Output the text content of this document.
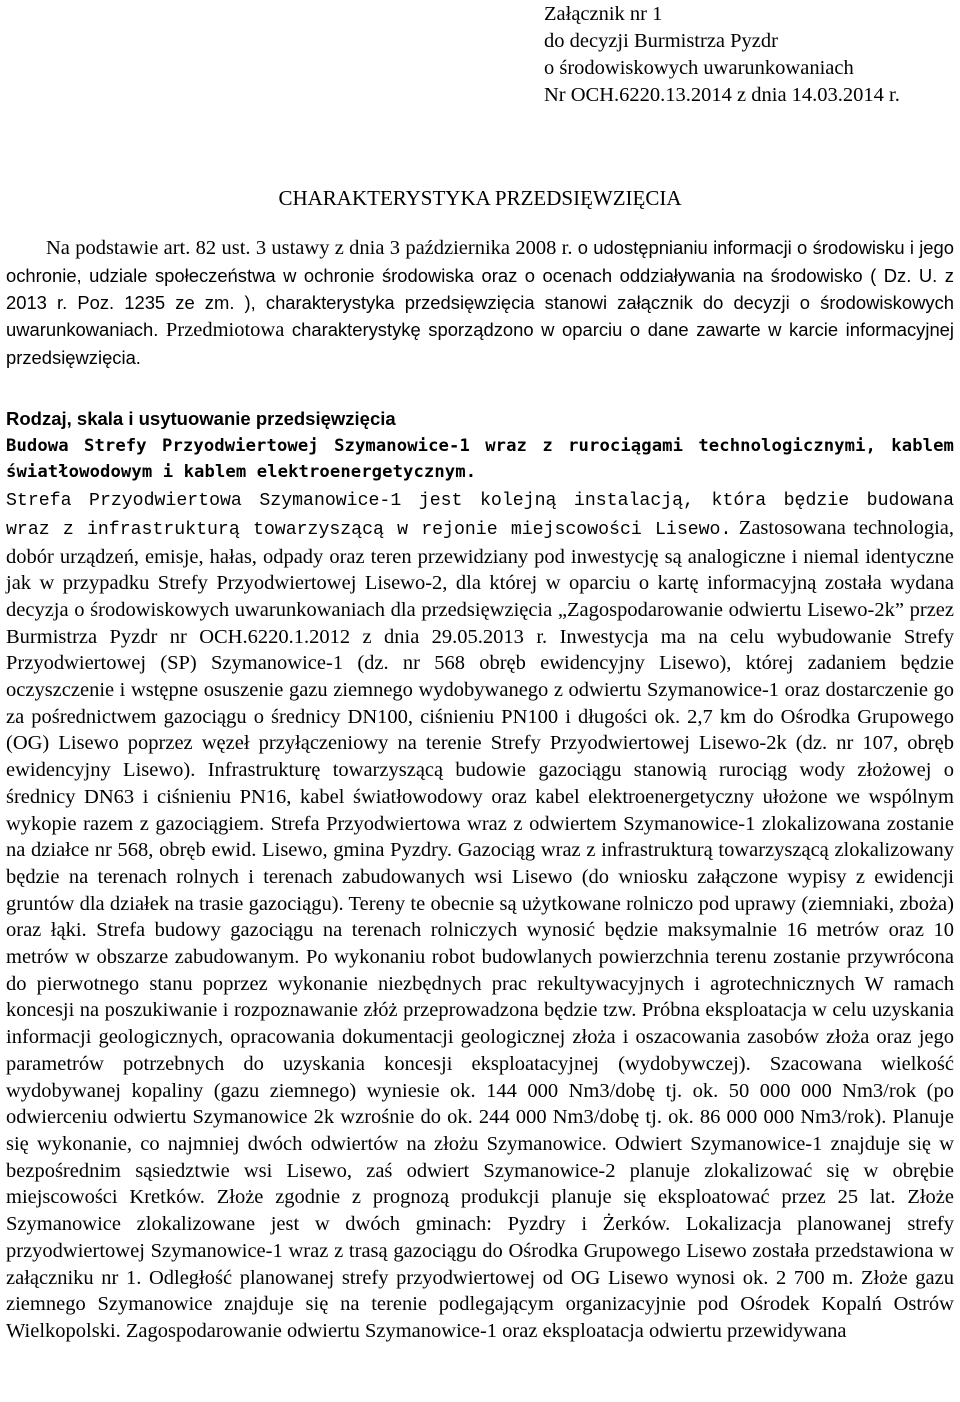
Załącznik nr 1
do decyzji Burmistrza Pyzdr
o środowiskowych uwarunkowaniach
Nr OCH.6220.13.2014 z dnia 14.03.2014 r.
CHARAKTERYSTYKA PRZEDSIĘWZIĘCIA
Na podstawie art. 82 ust. 3 ustawy z dnia 3 października 2008 r. o udostępnianiu informacji o środowisku i jego ochronie, udziale społeczeństwa w ochronie środowiska oraz o ocenach oddziaływania na środowisko ( Dz. U. z 2013 r. Poz. 1235 ze zm. ), charakterystyka przedsięwzięcia stanowi załącznik do decyzji o środowiskowych uwarunkowaniach. Przedmiotowa charakterystykę sporządzono w oparciu o dane zawarte w karcie informacyjnej przedsięwzięcia.

Rodzaj, skala i usytuowanie przedsięwzięcia

Budowa Strefy Przyodwiertowej Szymanowice-1 wraz z rurociągami technologicznymi, kablem światłowodowym i kablem elektroenergetycznym.

Strefa Przyodwiertowa Szymanowice-1 jest kolejną instalacją, która będzie budowana wraz z infrastrukturą towarzyszącą w rejonie miejscowości Lisewo. Zastosowana technologia, dobór urządzeń, emisje, hałas, odpady oraz teren przewidziany pod inwestycję są analogiczne i niemal identyczne jak w przypadku Strefy Przyodwiertowej Lisewo-2, dla której w oparciu o kartę informacyjną została wydana decyzja o środowiskowych uwarunkowaniach dla przedsięwzięcia „Zagospodarowanie odwiertu Lisewo-2k” przez Burmistrza Pyzdr nr OCH.6220.1.2012 z dnia 29.05.2013 r. Inwestycja ma na celu wybudowanie Strefy Przyodwiertowej (SP) Szymanowice-1 (dz. nr 568 obręb ewidencyjny Lisewo), której zadaniem będzie oczyszczenie i wstępne osuszenie gazu ziemnego wydobywanego z odwiertu Szymanowice-1 oraz dostarczenie go za pośrednictwem gazociągu o średnicy DN100, ciśnieniu PN100 i długości ok. 2,7 km do Ośrodka Grupowego (OG) Lisewo poprzez węzeł przyłączeniowy na terenie Strefy Przyodwiertowej Lisewo-2k (dz. nr 107, obręb ewidencyjny Lisewo). Infrastrukturę towarzyszącą budowie gazociągu stanowią rurociąg wody złożowej o średnicy DN63 i ciśnieniu PN16, kabel światłowodowy oraz kabel elektroenergetyczny ułożone we wspólnym wykopie razem z gazociągiem. Strefa Przyodwiertowa wraz z odwiertem Szymanowice-1 zlokalizowana zostanie na działce nr 568, obręb ewid. Lisewo, gmina Pyzdry. Gazociąg wraz z infrastrukturą towarzyszącą zlokalizowany będzie na terenach rolnych i terenach zabudowanych wsi Lisewo (do wniosku załączone wypisy z ewidencji gruntów dla działek na trasie gazociągu). Tereny te obecnie są użytkowane rolniczo pod uprawy (ziemniaki, zboża) oraz łąki. Strefa budowy gazociągu na terenach rolniczych wynosić będzie maksymalnie 16 metrów oraz 10 metrów w obszarze zabudowanym. Po wykonaniu robot budowlanych powierzchnia terenu zostanie przywrócona do pierwotnego stanu poprzez wykonanie niezbędnych prac rekultywacyjnych i agrotechnicznych W ramach koncesji na poszukiwanie i rozpoznawanie złóż przeprowadzona będzie tzw. Próbna eksploatacja w celu uzyskania informacji geologicznych, opracowania dokumentacji geologicznej złoża i oszacowania zasobów złoża oraz jego parametrów potrzebnych do uzyskania koncesji eksploatacyjnej (wydobywczej). Szacowana wielkość wydobywanej kopaliny (gazu ziemnego) wyniesie ok. 144 000 Nm3/dobę tj. ok. 50 000 000 Nm3/rok (po odwierceniu odwiertu Szymanowice 2k wzrośnie do ok. 244 000 Nm3/dobę tj. ok. 86 000 000 Nm3/rok). Planuje się wykonanie, co najmniej dwóch odwiertów na złożu Szymanowice. Odwiert Szymanowice-1 znajduje się w bezpośrednim sąsiedztwie wsi Lisewo, zaś odwiert Szymanowice-2 planuje zlokalizować się w obrębie miejscowości Kretków. Złoże zgodnie z prognozą produkcji planuje się eksploatować przez 25 lat. Złoże Szymanowice zlokalizowane jest w dwóch gminach: Pyzdry i Żerków. Lokalizacja planowanej strefy przyodwiertowej Szymanowice-1 wraz z trasą gazociągu do Ośrodka Grupowego Lisewo została przedstawiona w załączniku nr 1. Odległość planowanej strefy przyodwiertowej od OG Lisewo wynosi ok. 2 700 m. Złoże gazu ziemnego Szymanowice znajduje się na terenie podlegającym organizacyjnie pod Ośrodek Kopalń Ostrów Wielkopolski. Zagospodarowanie odwiertu Szymanowice-1 oraz eksploatacja odwiertu przewidywana
